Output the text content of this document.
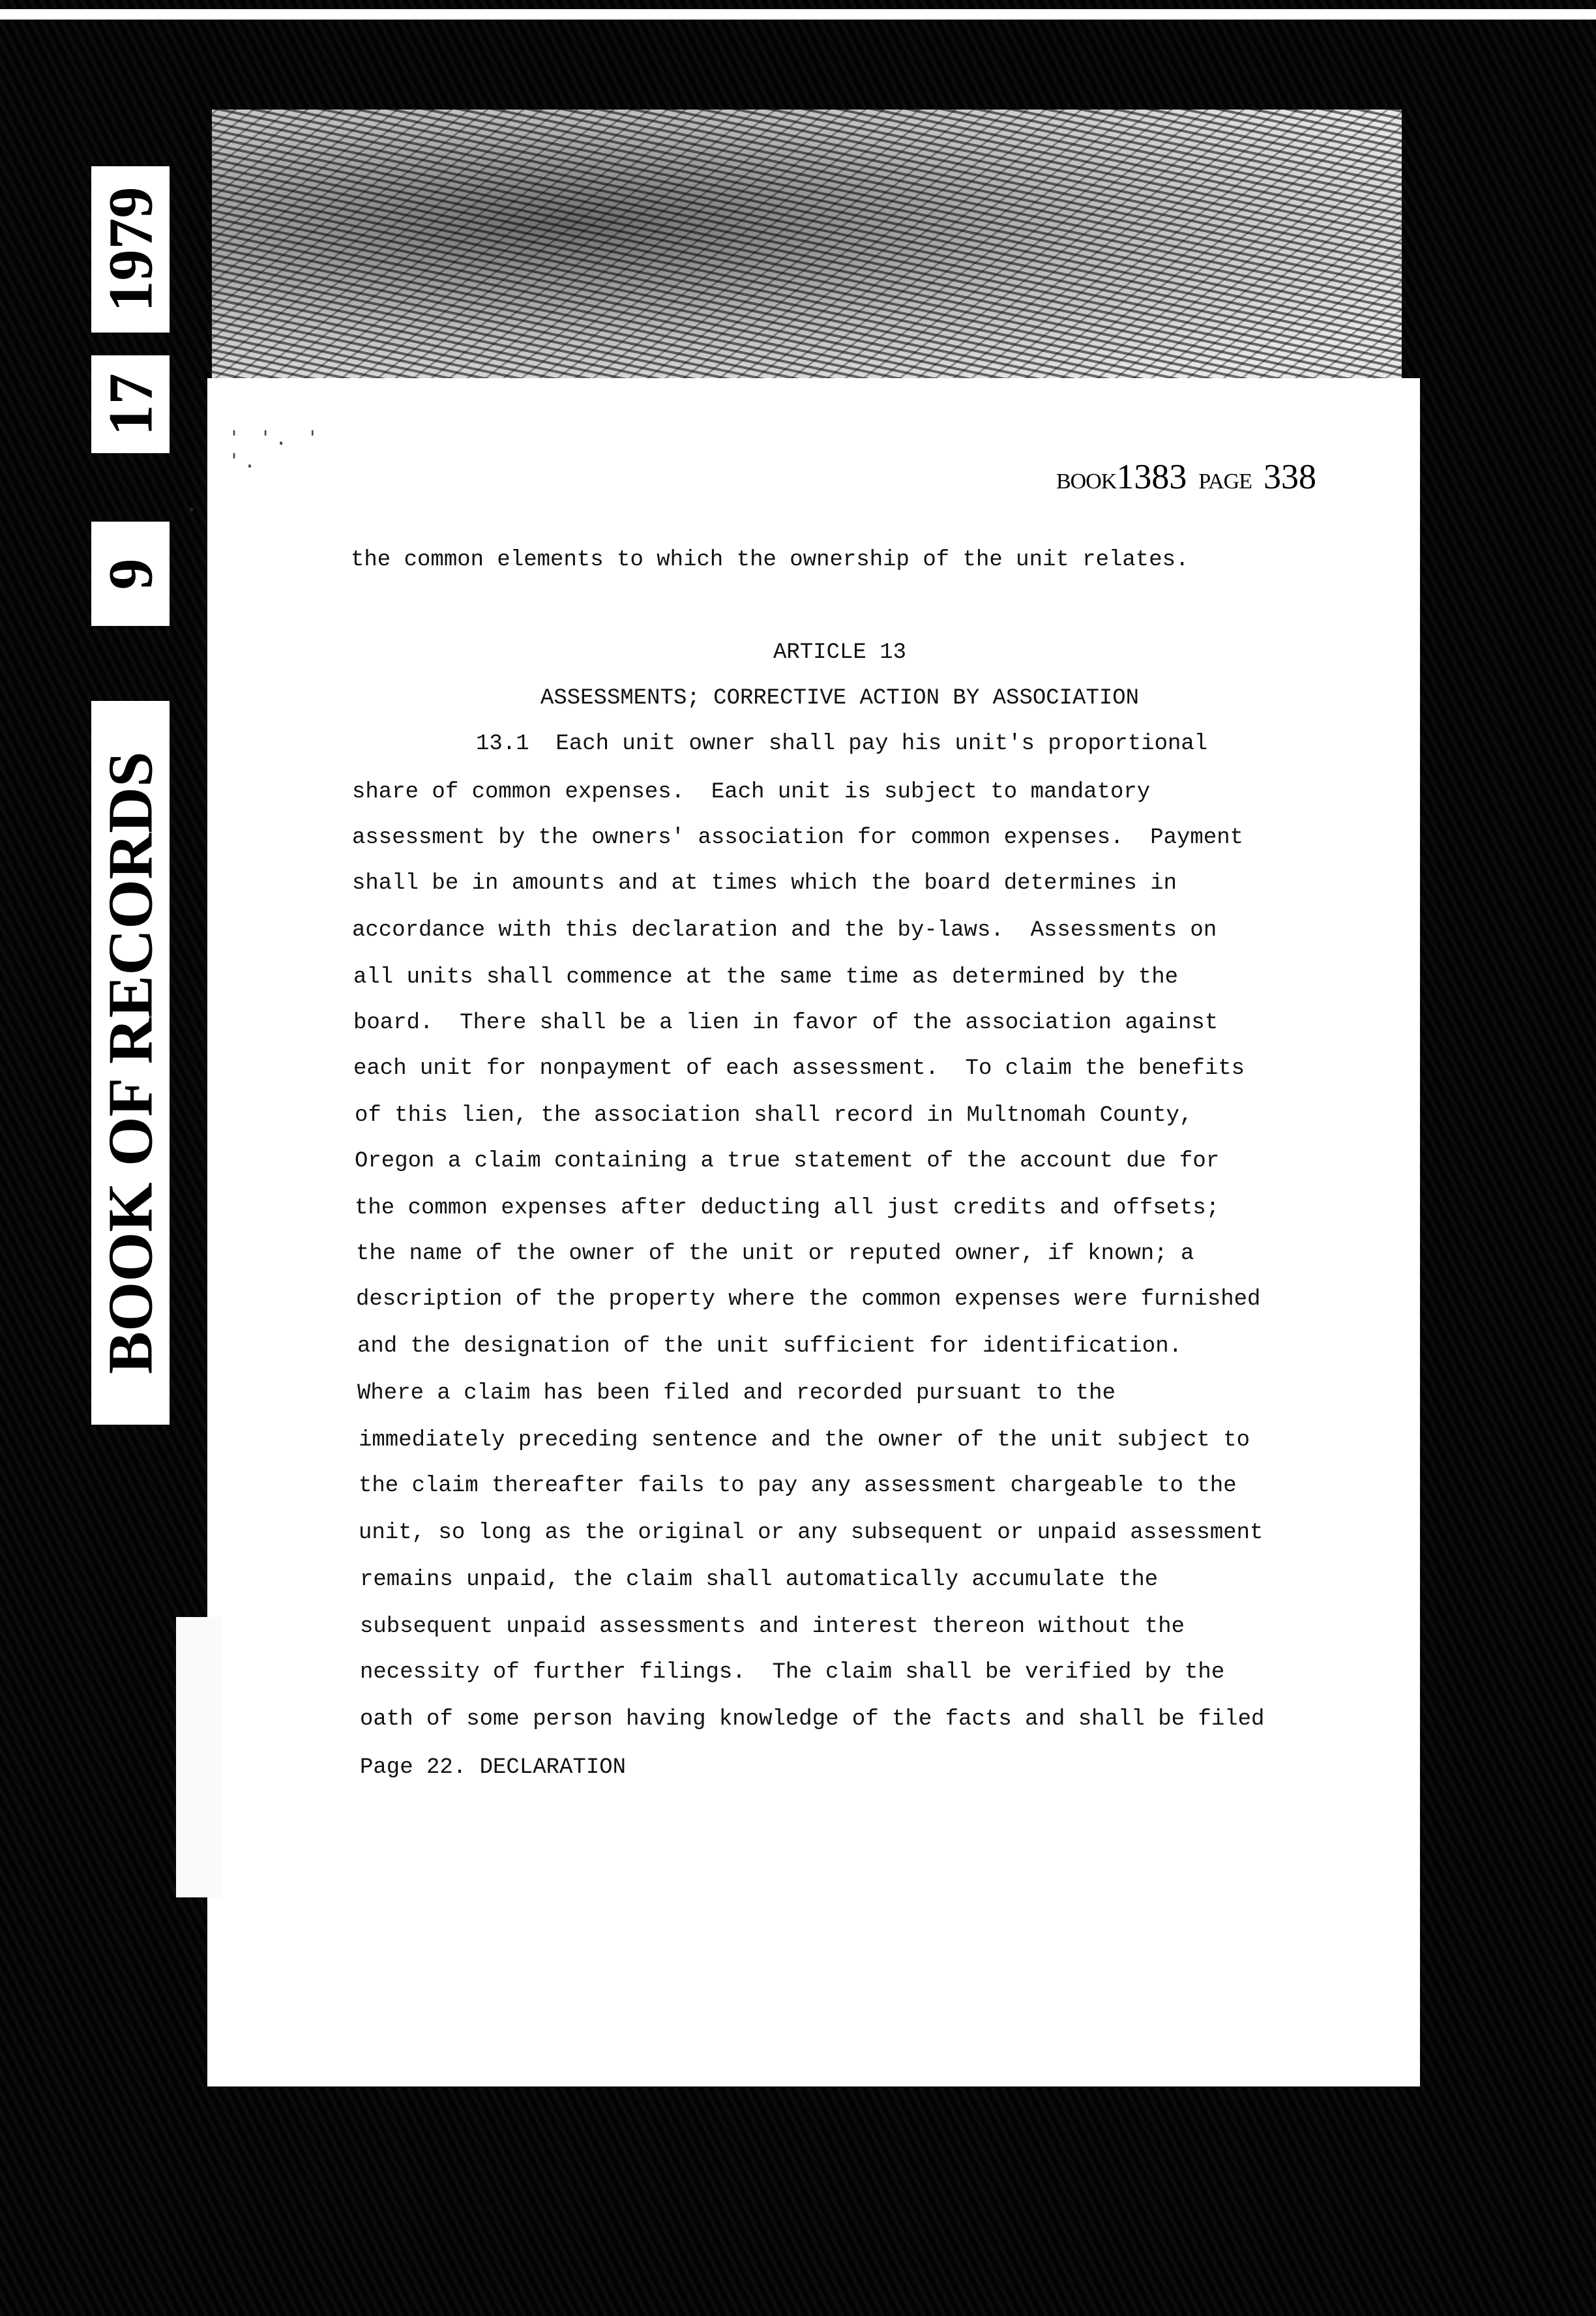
1979
17
9
BOOK OF RECORDS
' '. ' '.
BOOK1383 PAGE 338
the common elements to which the ownership of the unit relates.
ARTICLE 13
ASSESSMENTS; CORRECTIVE ACTION BY ASSOCIATION
13.1  Each unit owner shall pay his unit's proportional
share of common expenses.  Each unit is subject to mandatory
assessment by the owners' association for common expenses.  Payment
shall be in amounts and at times which the board determines in
accordance with this declaration and the by-laws.  Assessments on
all units shall commence at the same time as determined by the
board.  There shall be a lien in favor of the association against
each unit for nonpayment of each assessment.  To claim the benefits
of this lien, the association shall record in Multnomah County,
Oregon a claim containing a true statement of the account due for
the common expenses after deducting all just credits and offsets;
the name of the owner of the unit or reputed owner, if known; a
description of the property where the common expenses were furnished
and the designation of the unit sufficient for identification.
Where a claim has been filed and recorded pursuant to the
immediately preceding sentence and the owner of the unit subject to
the claim thereafter fails to pay any assessment chargeable to the
unit, so long as the original or any subsequent or unpaid assessment
remains unpaid, the claim shall automatically accumulate the
subsequent unpaid assessments and interest thereon without the
necessity of further filings.  The claim shall be verified by the
oath of some person having knowledge of the facts and shall be filed
Page 22. DECLARATION
